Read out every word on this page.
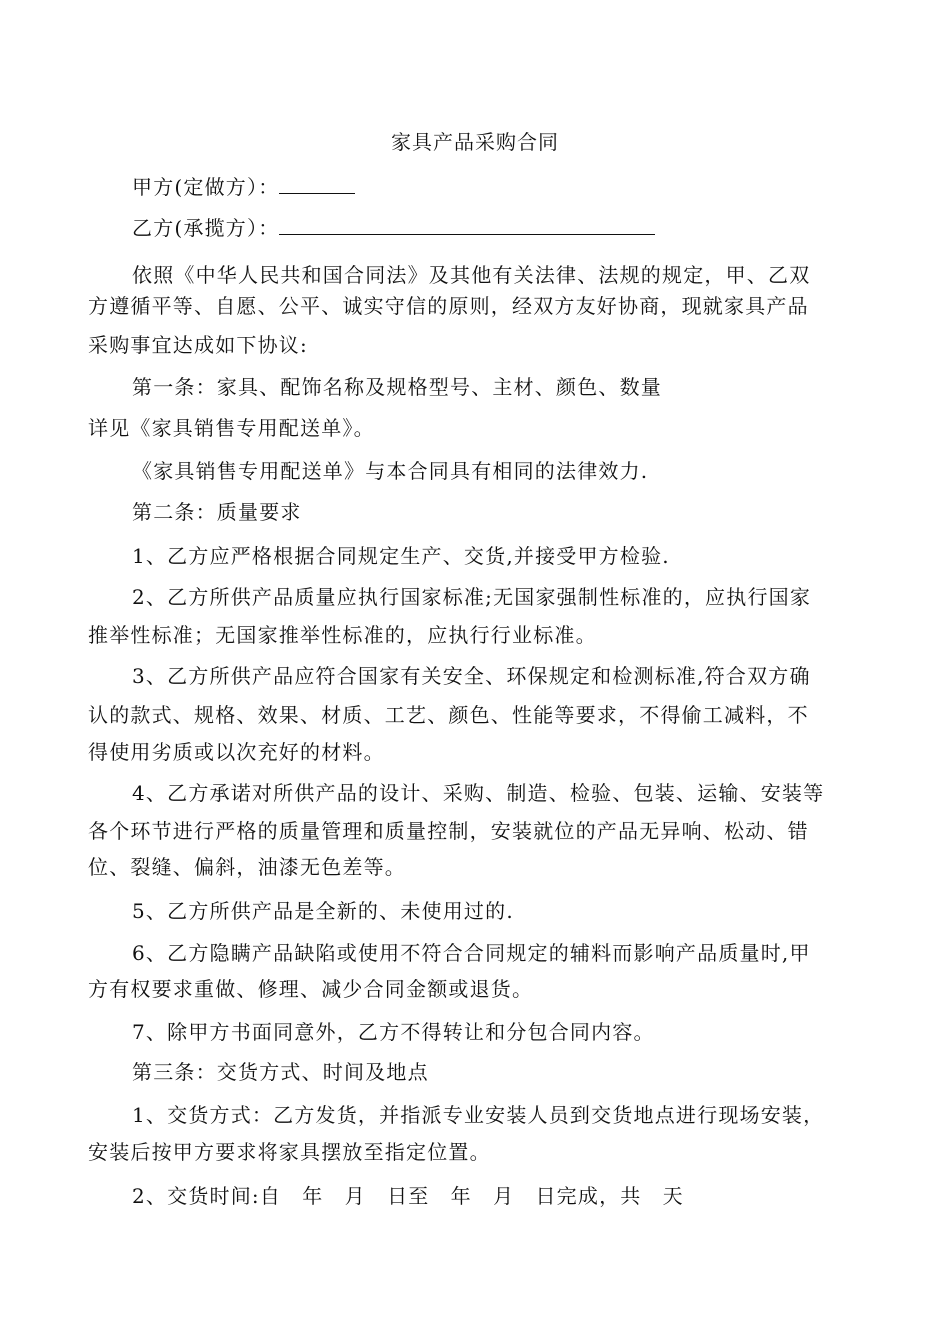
家具产品采购合同
甲方(定做方）：
乙方(承揽方）：
依照《中华人民共和国合同法》及其他有关法律、法规的规定，甲、乙双
方遵循平等、自愿、公平、诚实守信的原则，经双方友好协商，现就家具产品
采购事宜达成如下协议:
第一条：家具、配饰名称及规格型号、主材、颜色、数量
详见《家具销售专用配送单》。
《家具销售专用配送单》与本合同具有相同的法律效力.
第二条：质量要求
1、乙方应严格根据合同规定生产、交货,并接受甲方检验.
2、乙方所供产品质量应执行国家标准;无国家强制性标准的，应执行国家
推举性标准；无国家推举性标准的，应执行行业标准。
3、乙方所供产品应符合国家有关安全、环保规定和检测标准,符合双方确
认的款式、规格、效果、材质、工艺、颜色、性能等要求，不得偷工减料，不
得使用劣质或以次充好的材料。
4、乙方承诺对所供产品的设计、采购、制造、检验、包装、运输、安装等
各个环节进行严格的质量管理和质量控制，安装就位的产品无异响、松动、错
位、裂缝、偏斜，油漆无色差等。
5、乙方所供产品是全新的、未使用过的.
6、乙方隐瞒产品缺陷或使用不符合合同规定的辅料而影响产品质量时,甲
方有权要求重做、修理、减少合同金额或退货。
7、除甲方书面同意外，乙方不得转让和分包合同内容。
第三条：交货方式、时间及地点
1、交货方式：乙方发货，并指派专业安装人员到交货地点进行现场安装，
安装后按甲方要求将家具摆放至指定位置。
2、交货时间:自　年　月　日至　年　月　日完成，共　天
